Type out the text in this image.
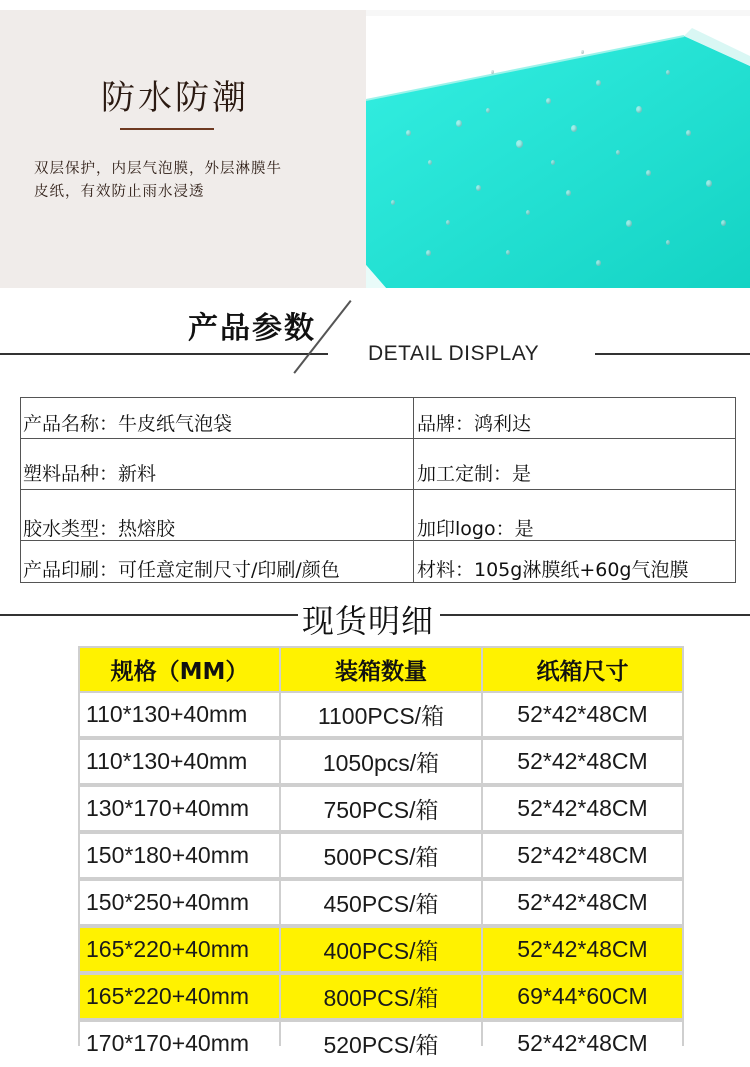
防水防潮
双层保护，内层气泡膜，外层淋膜牛
皮纸，有效防止雨水浸透
产品参数
DETAIL DISPLAY
产品名称：牛皮纸气泡袋	品牌：鸿利达
塑料品种：新料	加工定制：是
胶水类型：热熔胶	加印logo：是
产品印刷：可任意定制尺寸/印刷/颜色	材料：105g淋膜纸+60g气泡膜
现货明细
规格（MM）	装箱数量	纸箱尺寸
110*130+40mm	1100PCS/箱	52*42*48CM
110*130+40mm	1050pcs/箱	52*42*48CM
130*170+40mm	750PCS/箱	52*42*48CM
150*180+40mm	500PCS/箱	52*42*48CM
150*250+40mm	450PCS/箱	52*42*48CM
165*220+40mm	400PCS/箱	52*42*48CM
165*220+40mm	800PCS/箱	69*44*60CM
170*170+40mm	520PCS/箱	52*42*48CM
